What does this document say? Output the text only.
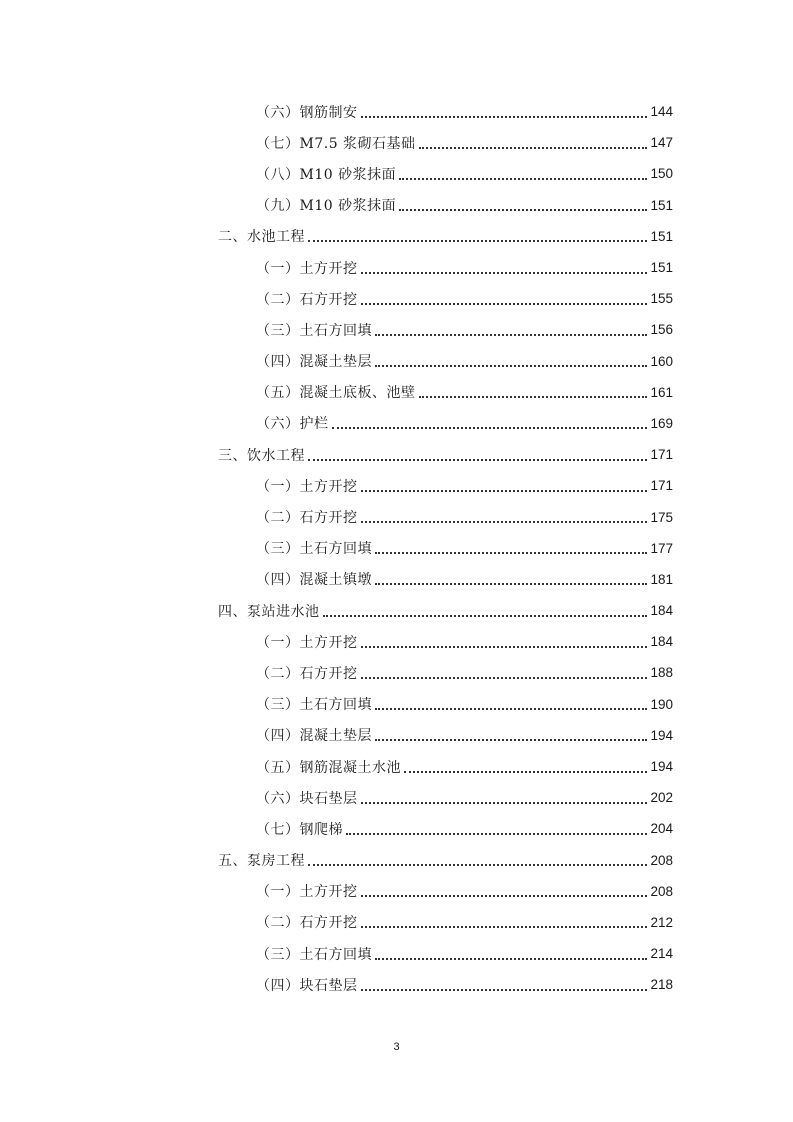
（六）钢筋制安	144
（七）M7.5 浆砌石基础	147
（八）M10 砂浆抹面	150
（九）M10 砂浆抹面	151
二、水池工程	151
（一）土方开挖	151
（二）石方开挖	155
（三）土石方回填	156
（四）混凝土垫层	160
（五）混凝土底板、池壁	161
（六）护栏	169
三、饮水工程	171
（一）土方开挖	171
（二）石方开挖	175
（三）土石方回填	177
（四）混凝土镇墩	181
四、泵站进水池	184
（一）土方开挖	184
（二）石方开挖	188
（三）土石方回填	190
（四）混凝土垫层	194
（五）钢筋混凝土水池	194
（六）块石垫层	202
（七）钢爬梯	204
五、泵房工程	208
（一）土方开挖	208
（二）石方开挖	212
（三）土石方回填	214
（四）块石垫层	218
3
